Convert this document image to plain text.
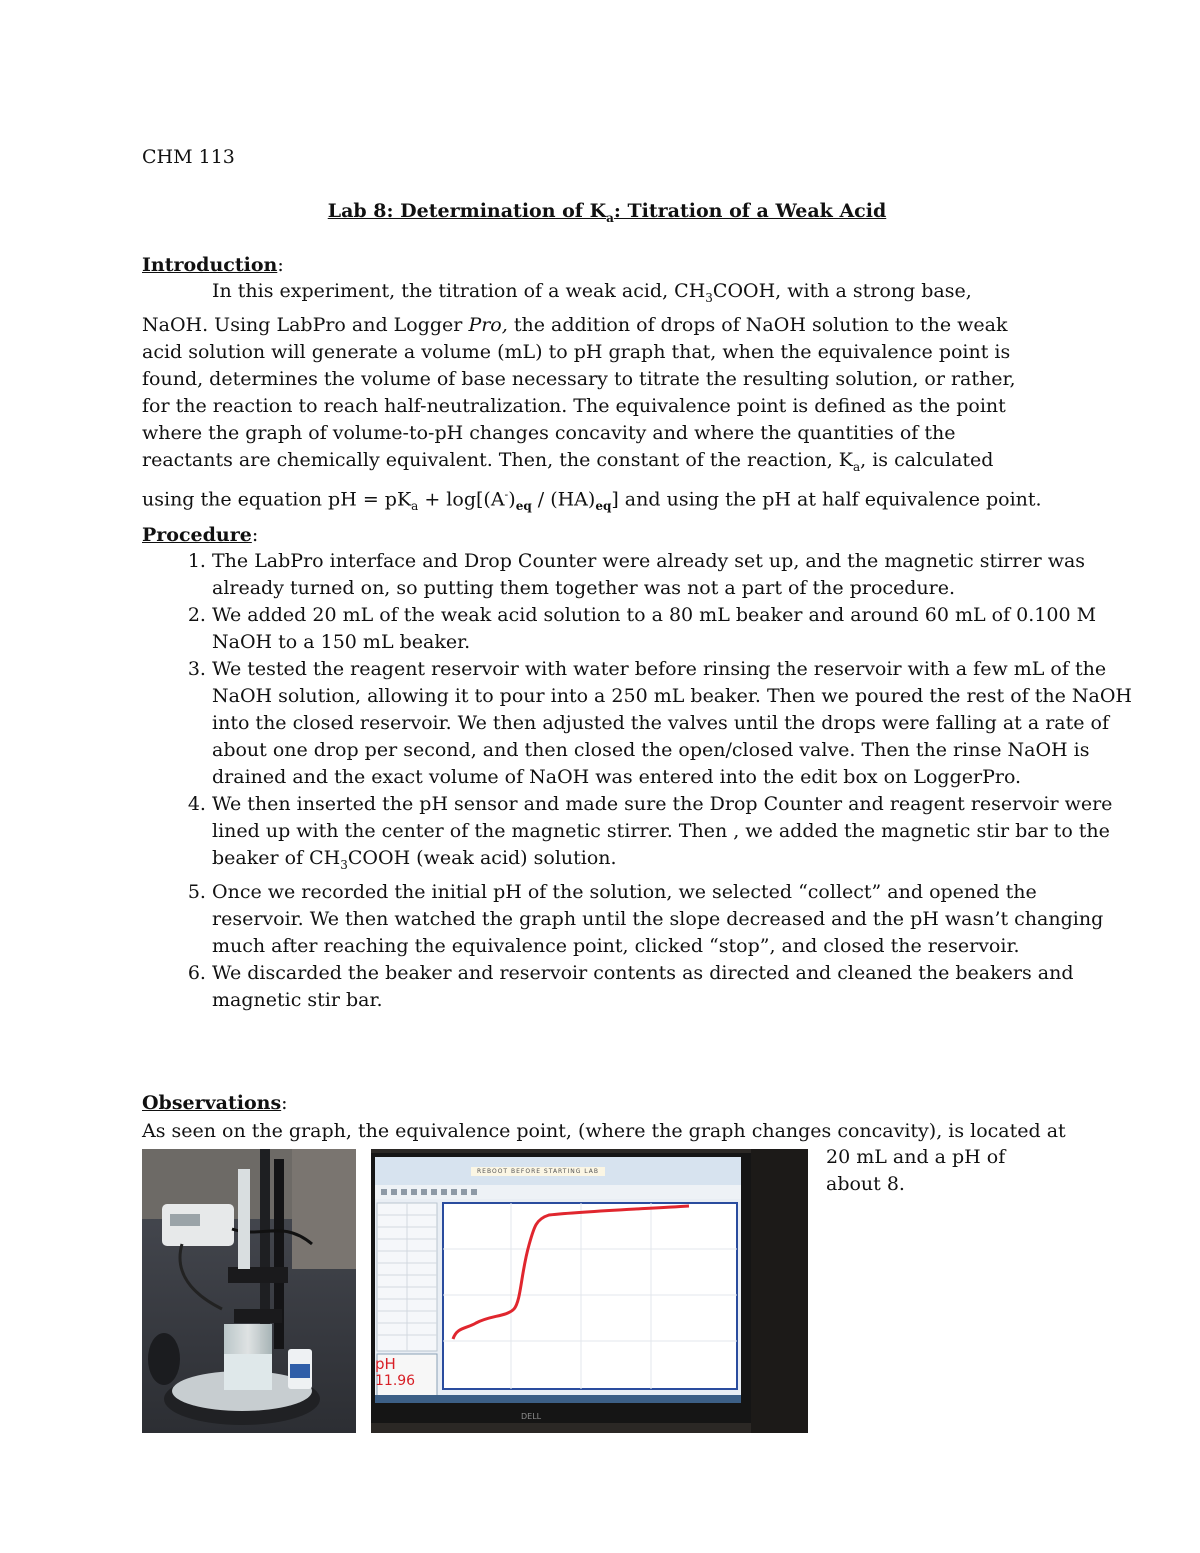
CHM 113
Lab 8: Determination of $K_a$: Titration of a Weak Acid
Introduction:
In this experiment, the titration of a weak acid, $CH_3COOH$, with a strong base, NaOH. Using LabPro and Logger Pro, the addition of drops of NaOH solution to the weak acid solution will generate a volume (mL) to pH graph that, when the equivalence point is found, determines the volume of base necessary to titrate the resulting solution, or rather, for the reaction to reach half-neutralization. The equivalence point is defined as the point where the graph of volume-to-pH changes concavity and where the quantities of the reactants are chemically equivalent. Then, the constant of the reaction, $K_a$, is calculated using the equation pH = $pK_a + \log[(A^-)_{eq} / (HA)_{eq}]$ and using the pH at half equivalence point.
Procedure:
1. The LabPro interface and Drop Counter were already set up, and the magnetic stirrer was already turned on, so putting them together was not a part of the procedure.
2. We added 20 mL of the weak acid solution to a 80 mL beaker and around 60 mL of 0.100 M NaOH to a 150 mL beaker.
3. We tested the reagent reservoir with water before rinsing the reservoir with a few mL of the NaOH solution, allowing it to pour into a 250 mL beaker. Then we poured the rest of the NaOH into the closed reservoir. We then adjusted the valves until the drops were falling at a rate of about one drop per second, and then closed the open/closed valve. Then the rinse NaOH is drained and the exact volume of NaOH was entered into the edit box on LoggerPro.
4. We then inserted the pH sensor and made sure the Drop Counter and reagent reservoir were lined up with the center of the magnetic stirrer. Then , we added the magnetic stir bar to the beaker of $CH_3COOH$ (weak acid) solution.
5. Once we recorded the initial pH of the solution, we selected “collect” and opened the reservoir. We then watched the graph until the slope decreased and the pH wasn’t changing much after reaching the equivalence point, clicked “stop”, and closed the reservoir.
6. We discarded the beaker and reservoir contents as directed and cleaned the beakers and magnetic stir bar.
Observations:
As seen on the graph, the equivalence point, (where the graph changes concavity), is located at
20 mL and a pH of about 8.
DELL
REBOOT BEFORE STARTING LAB
pH
11.96
